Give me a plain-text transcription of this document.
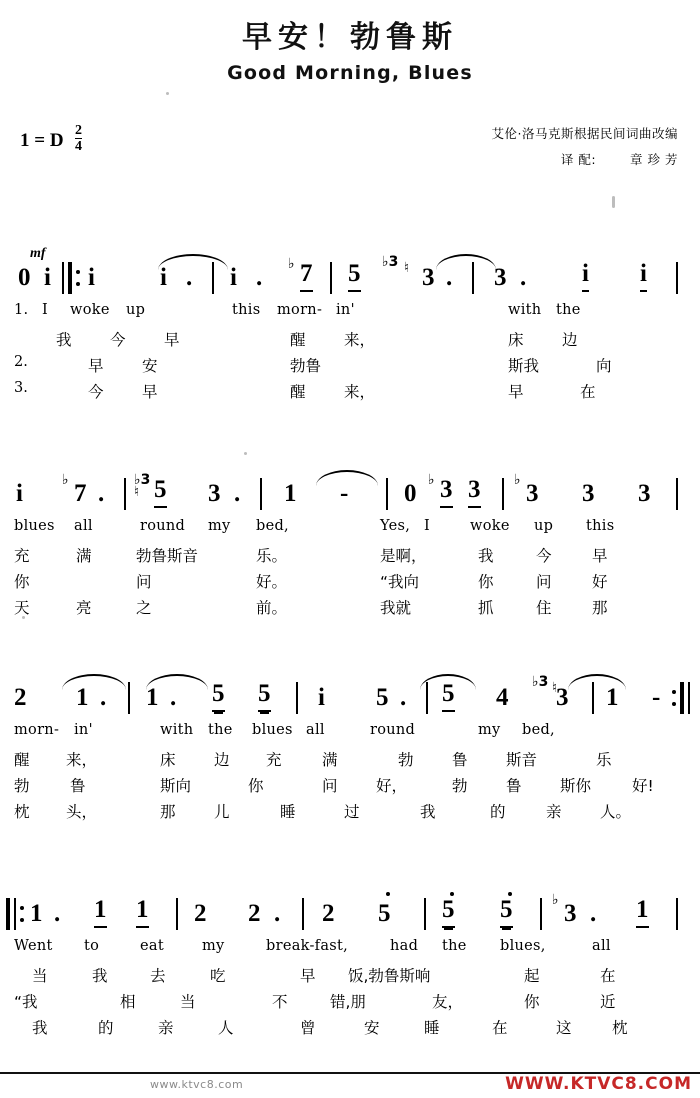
早安！勃鲁斯
Good Morning, Blues
1 = D $\frac{2}{4}$	艾伦·洛马克斯根据民间词曲改编
译 配:	章 珍 芳
mf
0 i i	i . i . ♭ 7 5 ♭3 ♮ 3 . 3 . i i
1. I woke up	this morn- in'	with the
我 今 早	醒 来，	床 边
2.	早 安	勃鲁	斯我	向
3.	今 早	醒 来，	早	在
i	♭ 7 . ♭3
♮ 5 3 . 1 - 0 ♭ 3 3 ♭ 3 3 3
blues all	round my bed,	Yes, I	woke up this
充	满	勃鲁斯音	乐。	是啊，	我	今	早
你	问	好。	“我向	你	问	好
天	亮	之	前。	我就	抓	住	那
2 1 . 1 . 5 5 i 5 . 5 4
♭3 ♮
3 1 -
morn- in'	with the blues all	round	my bed,
醒 来，	床 边 充	满	勃 鲁 斯音	乐
勃	鲁	斯向	你	问 好，	勃 鲁 斯你	好!
枕 头，	那 儿	睡	过	我	的	亲 人。
1 . 1 1 2 2 . 2 5 5 5	♭ 3 . 1
Went to	eat	my	break-fast,	had the blues,	all
当	我	去	吃	早 饭,勃鲁斯响	起	在
“我	相	当	不	错,朋	友，	你	近
我	的	亲	人	曾	安	睡	在	这	枕
www.ktvc8.com	WWW.KTVC8.COM
